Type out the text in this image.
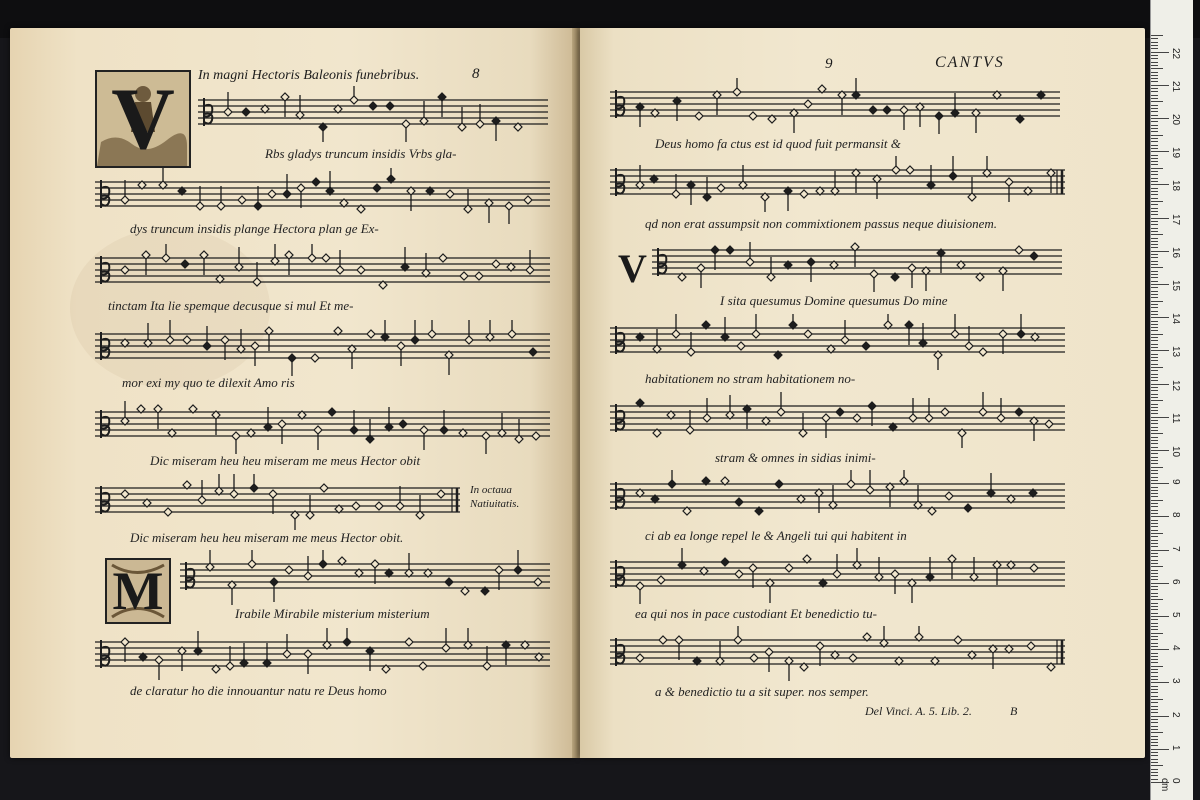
V	In magni Hectoris Baleonis funebribus.	8
Rbs gladys truncum insidis Vrbs gla-
dys truncum insidis plange Hectora plan ge Ex-
tinctam Ita lie spemque decusque si mul Et me-
mor exi my quo te dilexit Amo ris
Dic miseram heu heu miseram me meus Hector obit
In octaua Natiuitatis.
Dic miseram heu heu miseram me meus Hector obit.
M	Irabile Mirabile misterium misterium
de claratur ho die innouantur natu re Deus homo
9	CANTVS
Deus homo fa ctus est id quod fuit permansit &
qd non erat assumpsit non commixtionem passus neque diuisionem.
V
I sita quesumus Domine quesumus Do mine
habitationem no stram habitationem no-
stram & omnes in sidias inimi-
ci ab ea longe repel le & Angeli tui qui habitent in
ea qui nos in pace custodiant Et benedictio tu-
a & benedictio tu a sit super. nos semper.
Del Vinci. A. 5. Lib. 2.	B
0 cm
1
2
3
4
5
6
7
8
9
10
11
12
13
14
15
16
17
18
19
20
21
22
